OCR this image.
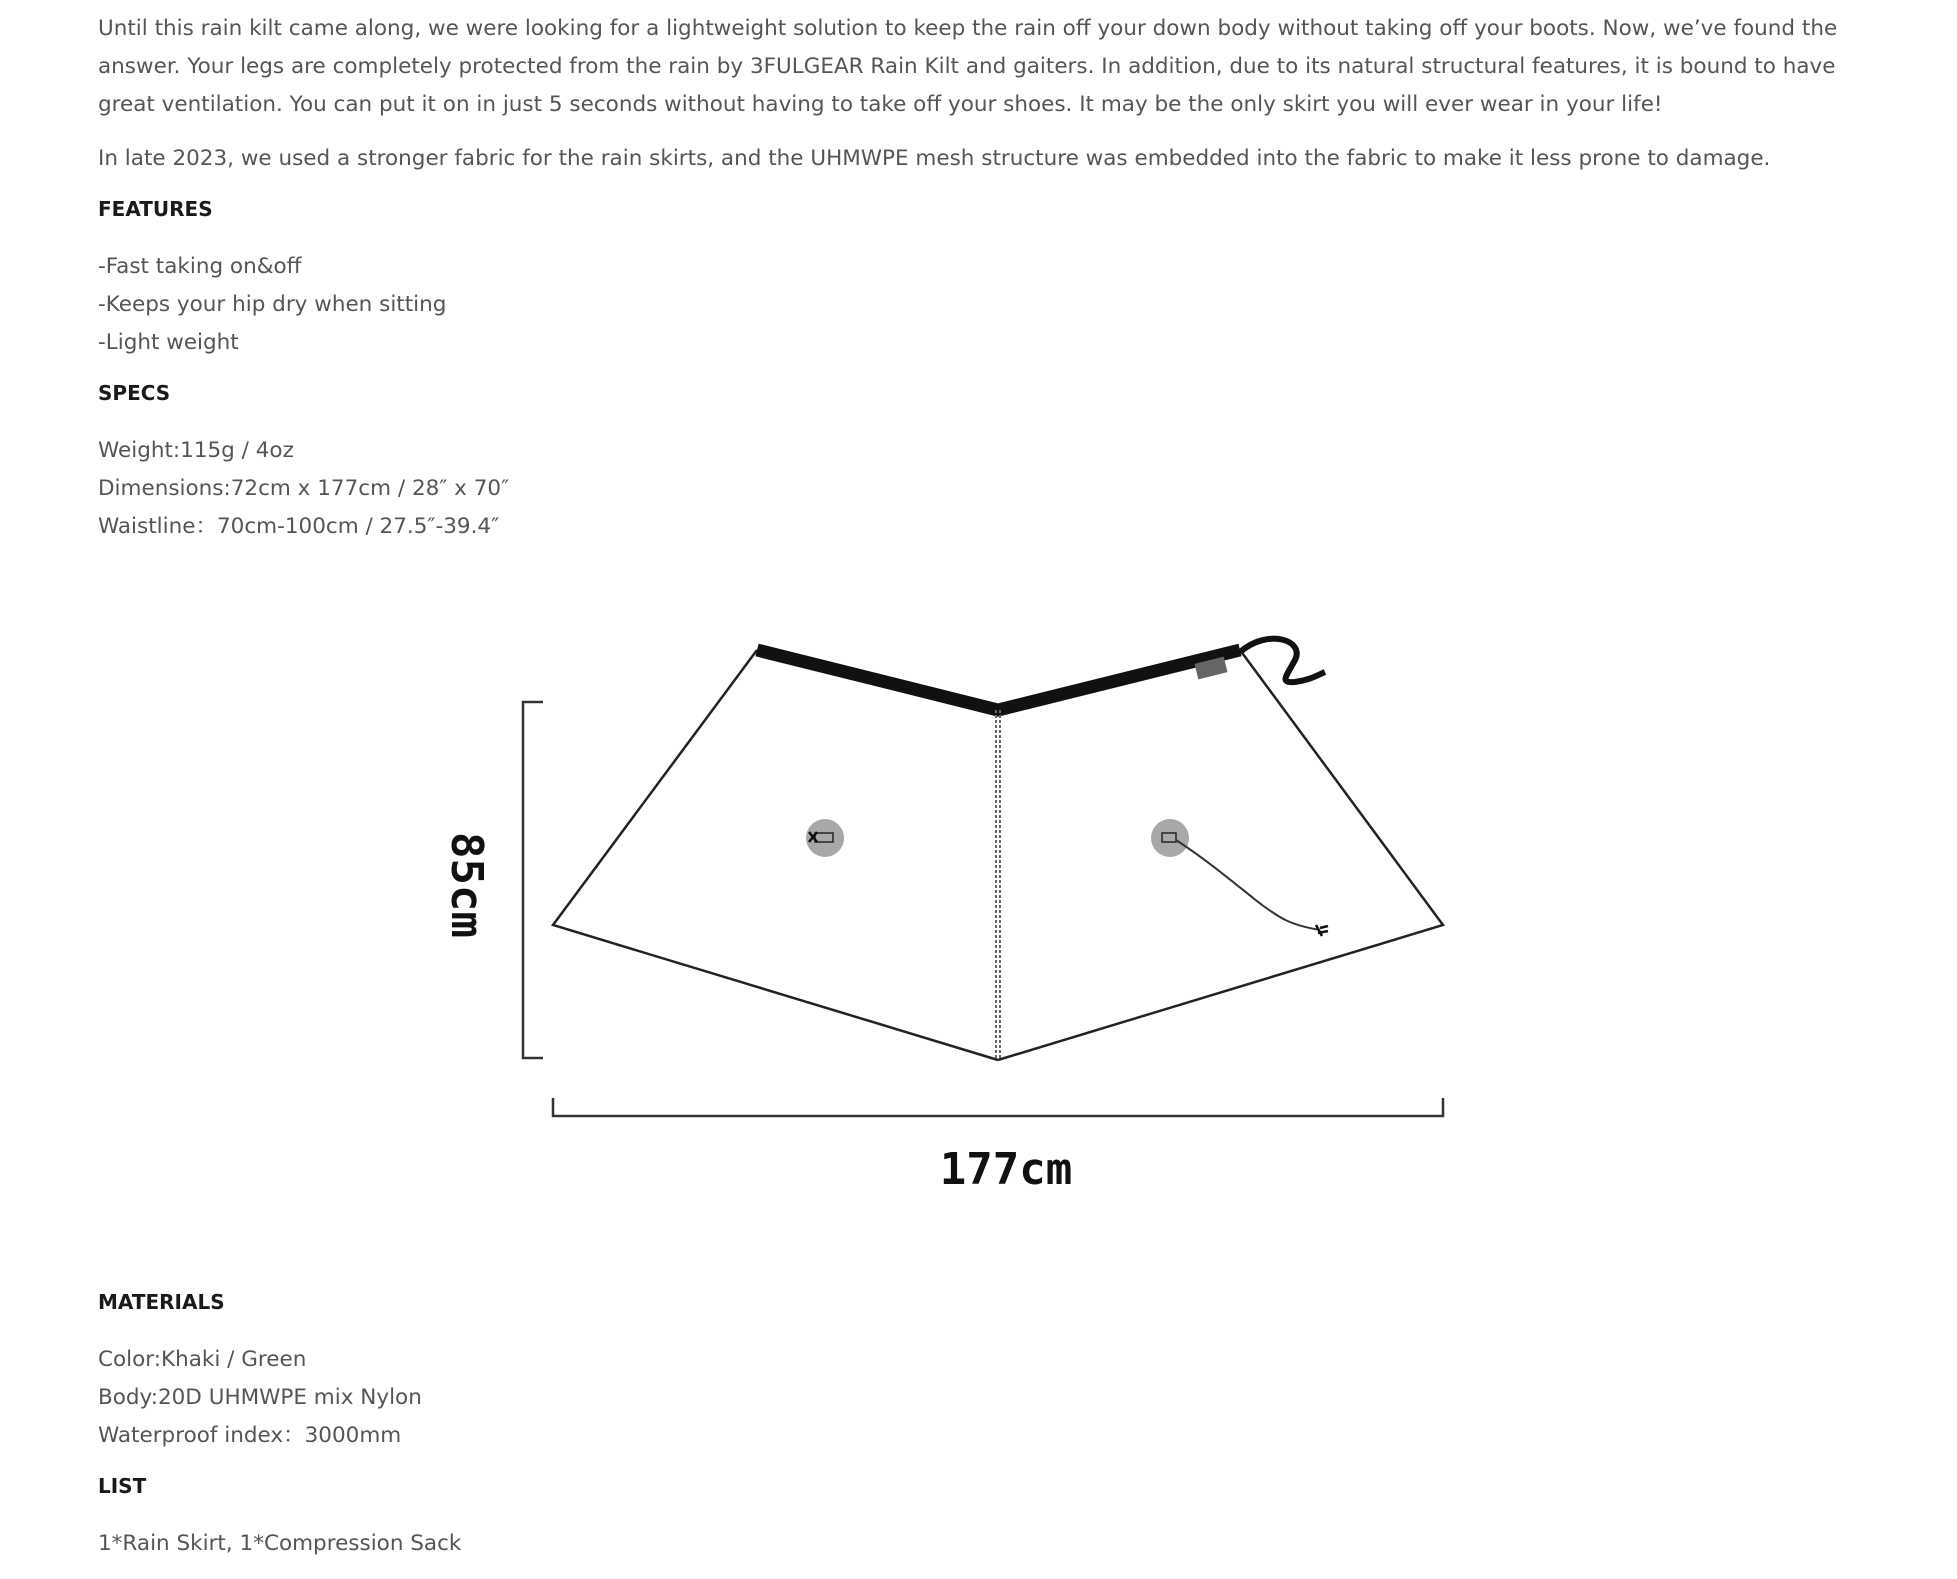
Until this rain kilt came along, we were looking for a lightweight solution to keep the rain off your down body without taking off your boots. Now, we’ve found the answer. Your legs are completely protected from the rain by 3FULGEAR Rain Kilt and gaiters. In addition, due to its natural structural features, it is bound to have great ventilation. You can put it on in just 5 seconds without having to take off your shoes. It may be the only skirt you will ever wear in your life!

In late 2023, we used a stronger fabric for the rain skirts, and the UHMWPE mesh structure was embedded into the fabric to make it less prone to damage.

FEATURES
-Fast taking on&off
-Keeps your hip dry when sitting
-Light weight
SPECS
Weight:115g / 4oz
Dimensions:72cm x 177cm / 28″ x 70″
Waistline：70cm-100cm / 27.5″-39.4″
85cm
177cm
MATERIALS
Color:Khaki / Green
Body:20D UHMWPE mix Nylon
Waterproof index：3000mm
LIST
1*Rain Skirt, 1*Compression Sack
